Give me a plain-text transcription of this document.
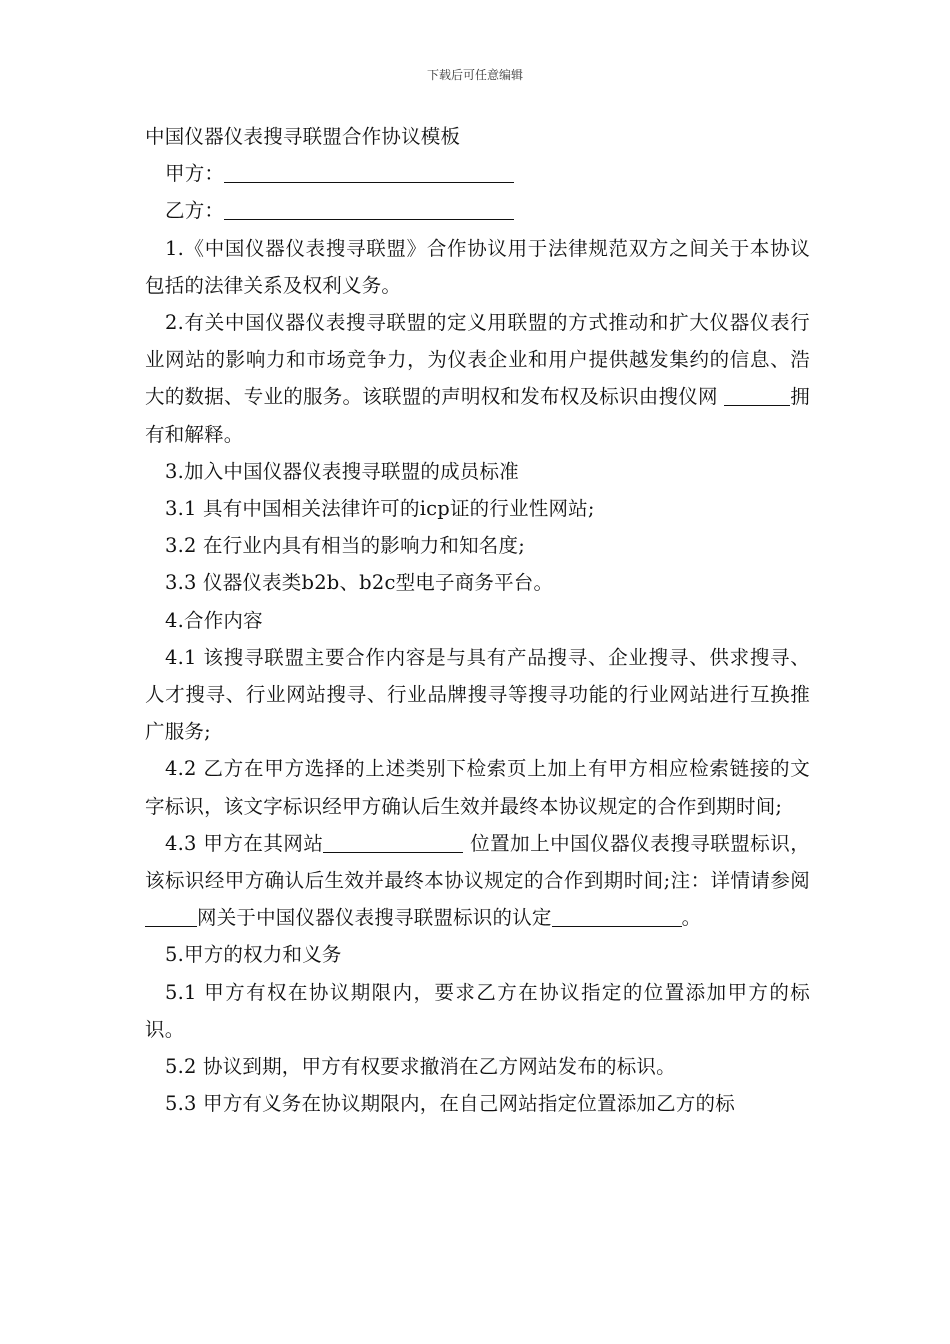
下载后可任意编辑

中国仪器仪表搜寻联盟合作协议模板

甲方：

乙方：

1.《中国仪器仪表搜寻联盟》合作协议用于法律规范双方之间关于本协议包括的法律关系及权利义务。

2.有关中国仪器仪表搜寻联盟的定义用联盟的方式推动和扩大仪器仪表行业网站的影响力和市场竞争力，为仪表企业和用户提供越发集约的信息、浩大的数据、专业的服务。该联盟的声明权和发布权及标识由搜仪网	拥有和解释。

3.加入中国仪器仪表搜寻联盟的成员标准

3.1 具有中国相关法律许可的icp证的行业性网站;

3.2 在行业内具有相当的影响力和知名度;

3.3 仪器仪表类b2b、b2c型电子商务平台。

4.合作内容

4.1 该搜寻联盟主要合作内容是与具有产品搜寻、企业搜寻、供求搜寻、人才搜寻、行业网站搜寻、行业品牌搜寻等搜寻功能的行业网站进行互换推广服务;

4.2 乙方在甲方选择的上述类别下检索页上加上有甲方相应检索链接的文字标识，该文字标识经甲方确认后生效并最终本协议规定的合作到期时间;

4.3 甲方在其网站	位置加上中国仪器仪表搜寻联盟标识，该标识经甲方确认后生效并最终本协议规定的合作到期时间;注：详情请参阅网关于中国仪器仪表搜寻联盟标识的认定	。

5.甲方的权力和义务

5.1 甲方有权在协议期限内，要求乙方在协议指定的位置添加甲方的标识。

5.2 协议到期，甲方有权要求撤消在乙方网站发布的标识。

5.3 甲方有义务在协议期限内，在自己网站指定位置添加乙方的标
